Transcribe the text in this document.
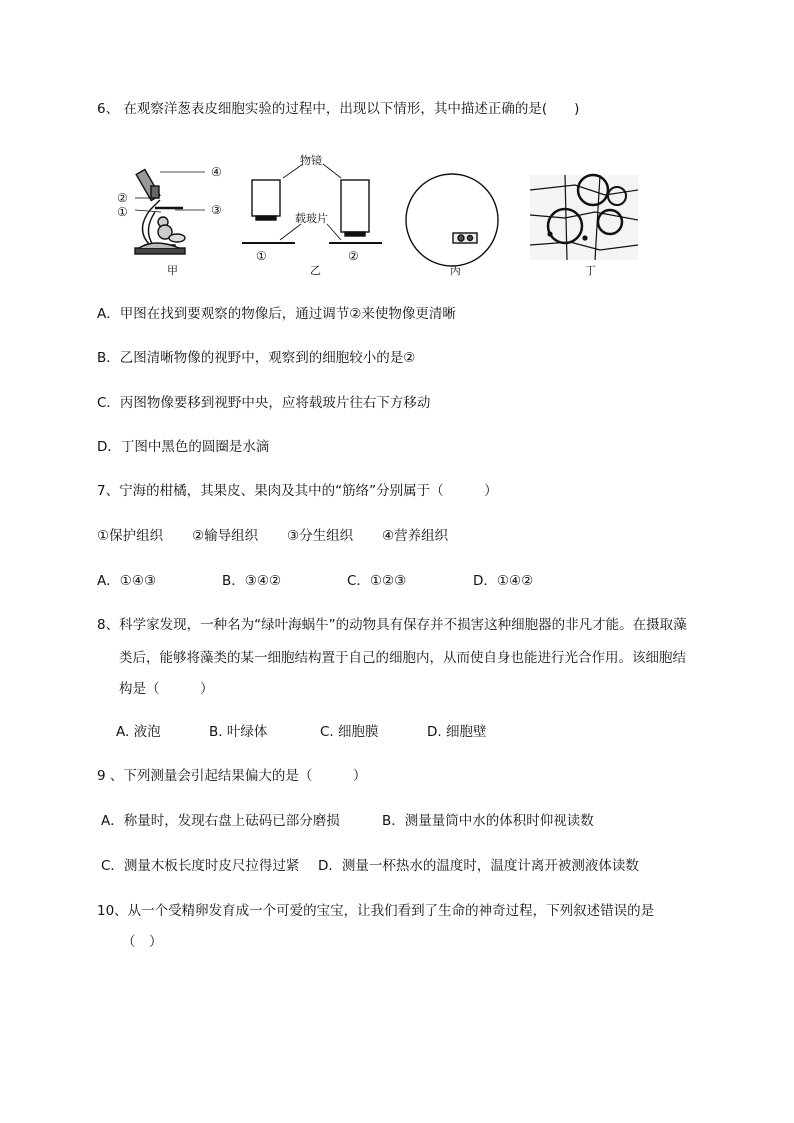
6、 在观察洋葱表皮细胞实验的过程中，出现以下情形，其中描述正确的是(　　)
④
②
①	③
甲
物镜
载玻片
①	②
乙	丙	丁
A．甲图在找到要观察的物像后，通过调节②来使物像更清晰
B．乙图清晰物像的视野中，观察到的细胞较小的是②
C．丙图物像要移到视野中央，应将载玻片往右下方移动
D．丁图中黑色的圆圈是水滴
7、宁海的柑橘，其果皮、果肉及其中的“筋络”分别属于（　　　）
①保护组织 ②输导组织 ③分生组织 ④营养组织
A．①④③	B．③④②	C．①②③	D．①④②
8、科学家发现，一种名为“绿叶海蜗牛”的动物具有保存并不损害这种细胞器的非凡才能。在摄取藻
类后，能够将藻类的某一细胞结构置于自己的细胞内，从而使自身也能进行光合作用。该细胞结
构是（　　　）
A. 液泡	B. 叶绿体	C. 细胞膜	D. 细胞壁
9 、下列测量会引起结果偏大的是（　　　）
A．称量时，发现右盘上砝码已部分磨损	B．测量量筒中水的体积时仰视读数
C．测量木板长度时皮尺拉得过紧 D．测量一杯热水的温度时，温度计离开被测液体读数
10、从一个受精卵发育成一个可爱的宝宝，让我们看到了生命的神奇过程，下列叙述错误的是
（　）
